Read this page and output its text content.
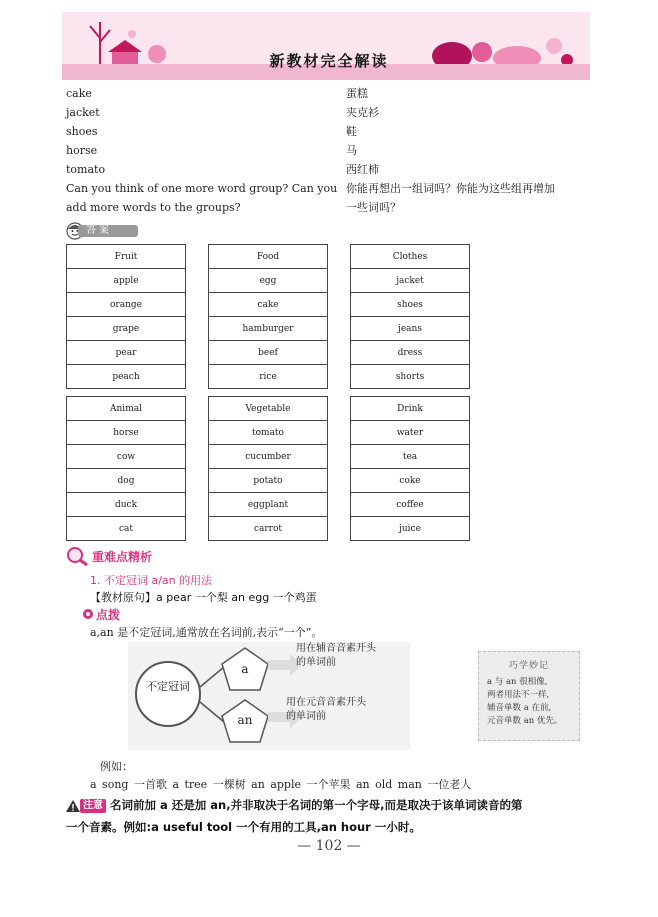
新教材完全解读
cake	蛋糕
jacket	夹克衫
shoes	鞋
horse	马
tomato	西红柿
Can you think of one more word group? Can you 你能再想出一组词吗？你能为这些组再增加
add more words to the groups?	一些词吗？
答案
Fruit
apple
orange
grape
pear
peach
Food
egg
cake
hamburger
beef
rice
Clothes
jacket
shoes
jeans
dress
shorts
Animal
horse
cow
dog
duck
cat
Vegetable
tomato
cucumber
potato
eggplant
carrot
Drink
water
tea
coke
coffee
juice
重难点精析
1. 不定冠词 a/an 的用法
【教材原句】a pear 一个梨 an egg 一个鸡蛋
点拨
a,an 是不定冠词,通常放在名词前,表示“一个”。
不定冠词
a
an
用在辅音音素开头
的单词前
用在元音音素开头
的单词前
巧学妙记
a 与 an 很相像,
两者用法不一样,
辅音单数 a 在前,
元音单数 an 优先。
例如：
a song 一首歌 a tree 一棵树 an apple 一个苹果 an old man 一位老人
注意 名词前加 a 还是加 an,并非取决于名词的第一个字母,而是取决于该单词读音的第
一个音素。例如:a useful tool 一个有用的工具,an hour 一小时。
— 102 —
